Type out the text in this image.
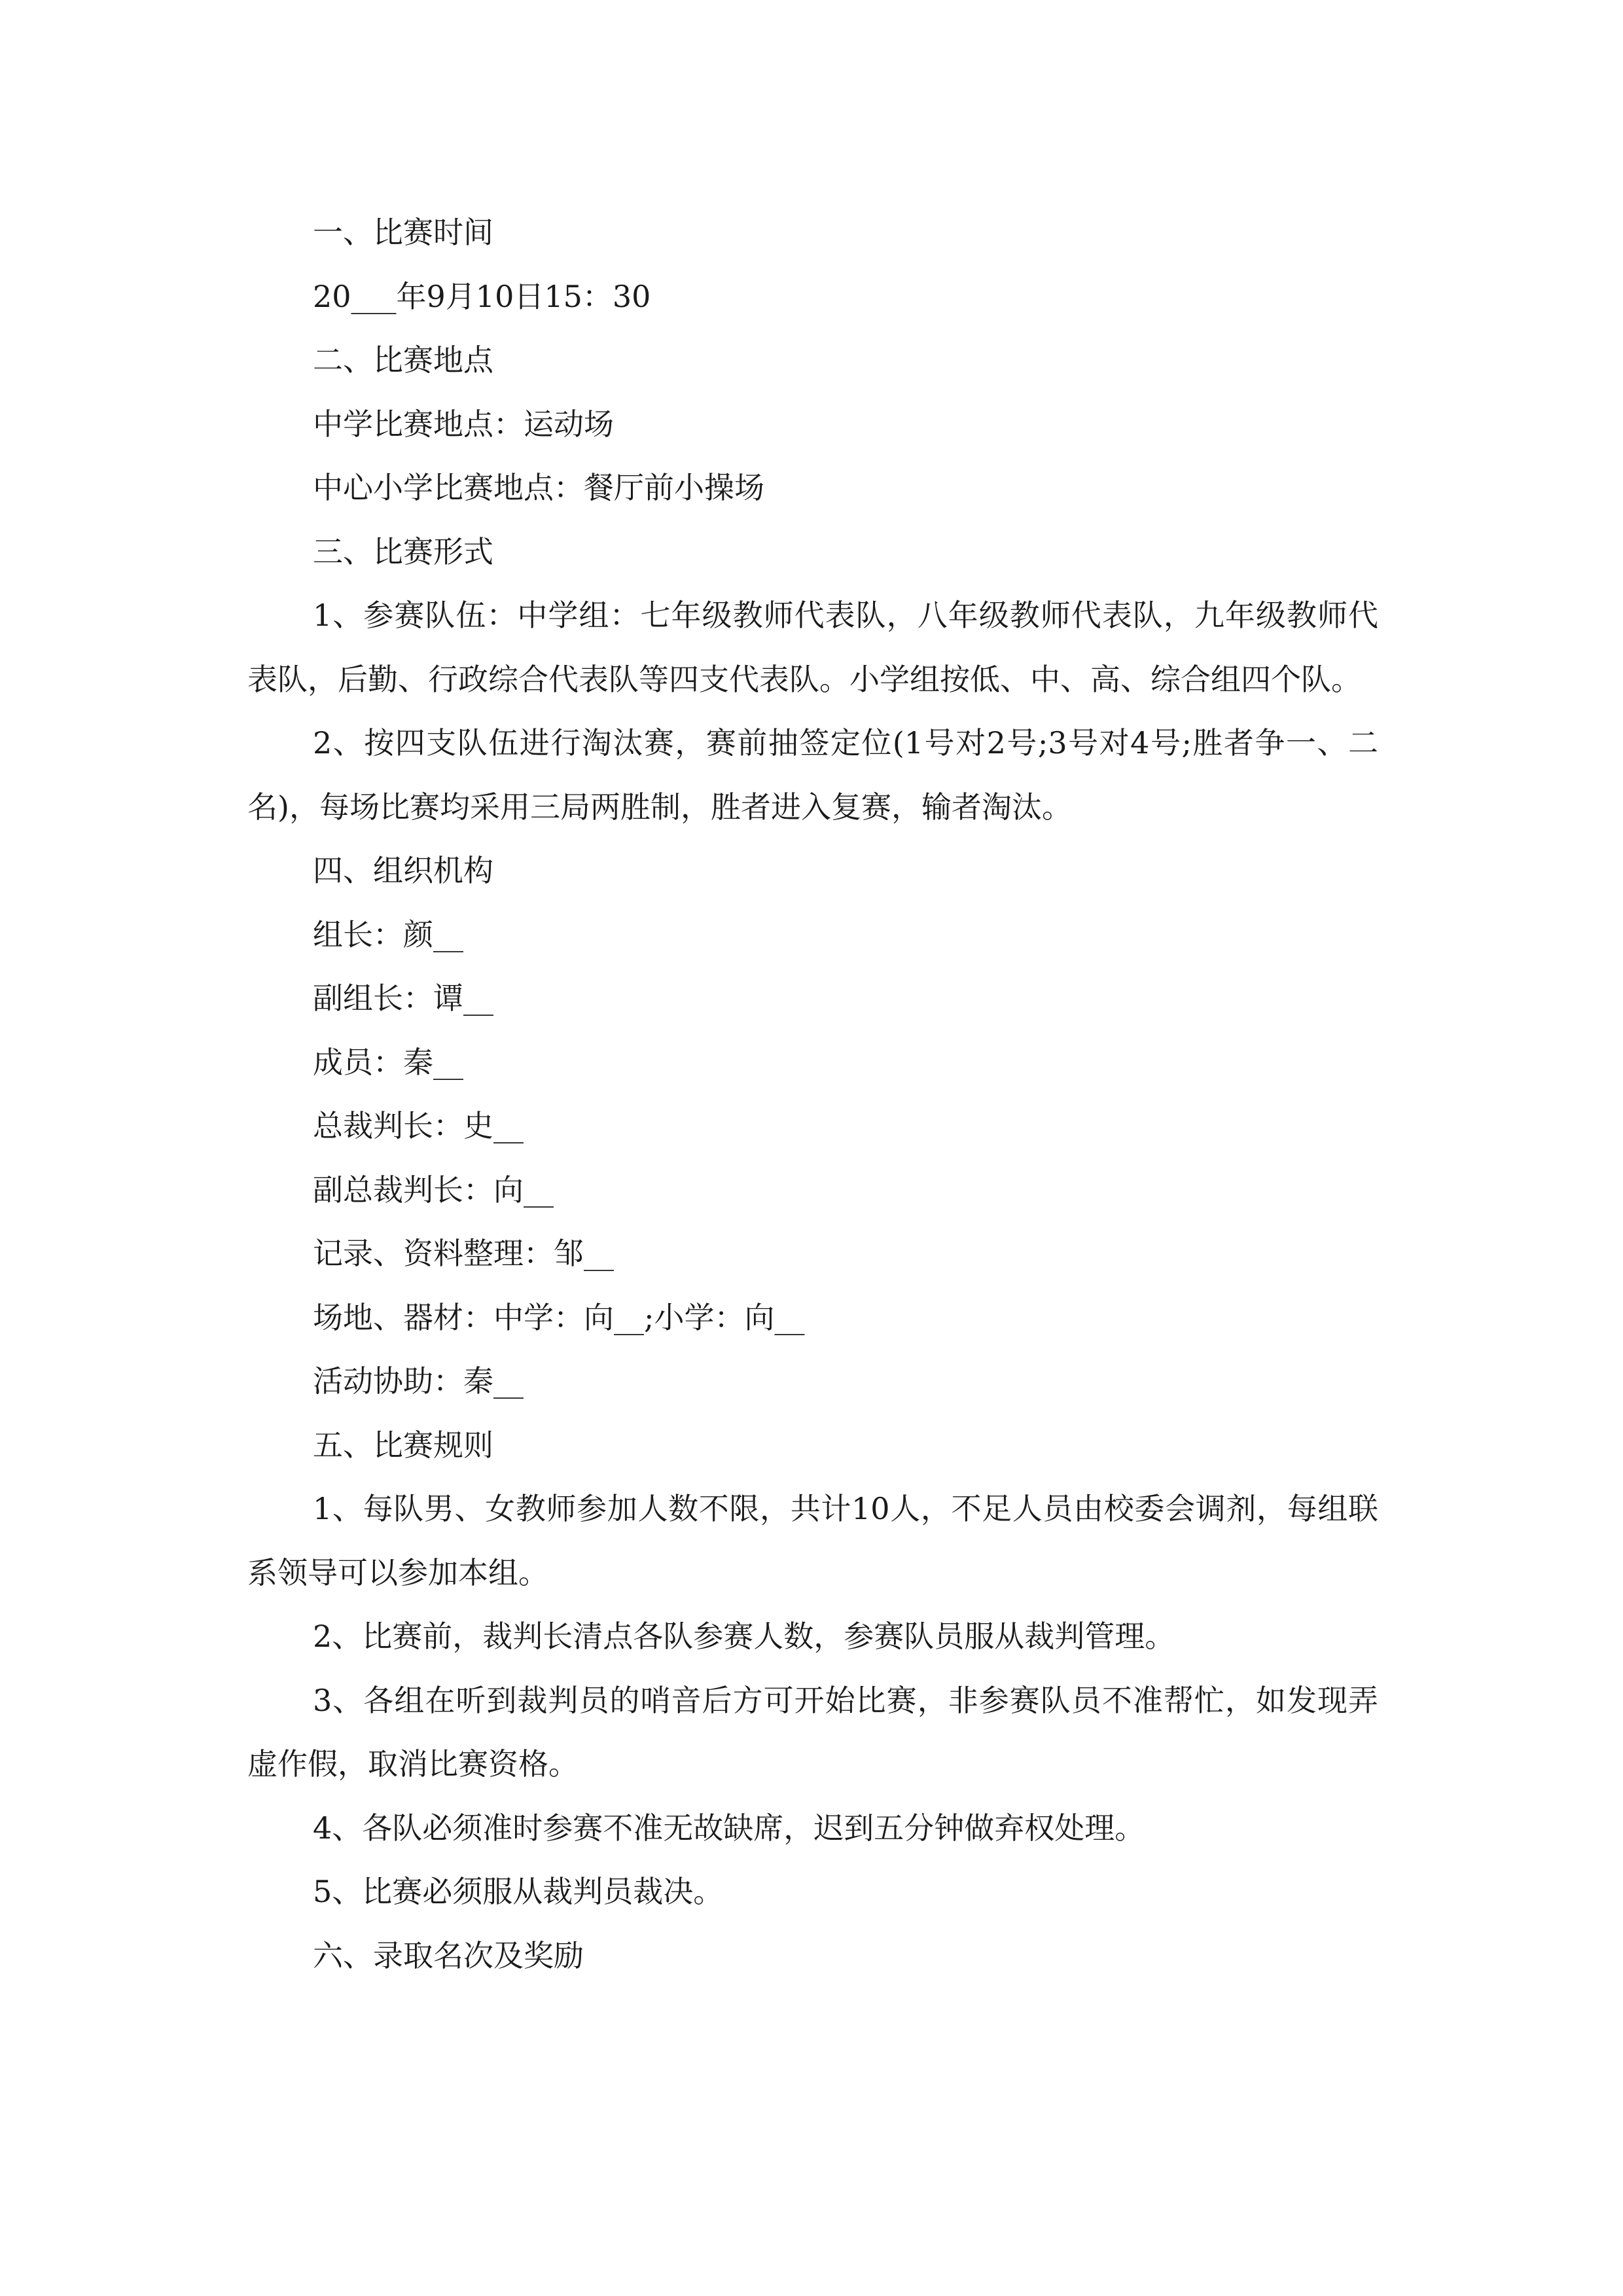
一、比赛时间

20___年9月10日15：30

二、比赛地点

中学比赛地点：运动场

中心小学比赛地点：餐厅前小操场

三、比赛形式

1、参赛队伍：中学组：七年级教师代表队，八年级教师代表队，九年级教师代表队，后勤、行政综合代表队等四支代表队。小学组按低、中、高、综合组四个队。

2、按四支队伍进行淘汰赛，赛前抽签定位(1号对2号;3号对4号;胜者争一、二名)，每场比赛均采用三局两胜制，胜者进入复赛，输者淘汰。

四、组织机构

组长：颜__

副组长：谭__

成员：秦__

总裁判长：史__

副总裁判长：向__

记录、资料整理：邹__

场地、器材：中学：向__;小学：向__

活动协助：秦__

五、比赛规则

1、每队男、女教师参加人数不限，共计10人，不足人员由校委会调剂，每组联系领导可以参加本组。

2、比赛前，裁判长清点各队参赛人数，参赛队员服从裁判管理。

3、各组在听到裁判员的哨音后方可开始比赛，非参赛队员不准帮忙，如发现弄虚作假，取消比赛资格。

4、各队必须准时参赛不准无故缺席，迟到五分钟做弃权处理。

5、比赛必须服从裁判员裁决。

六、录取名次及奖励
